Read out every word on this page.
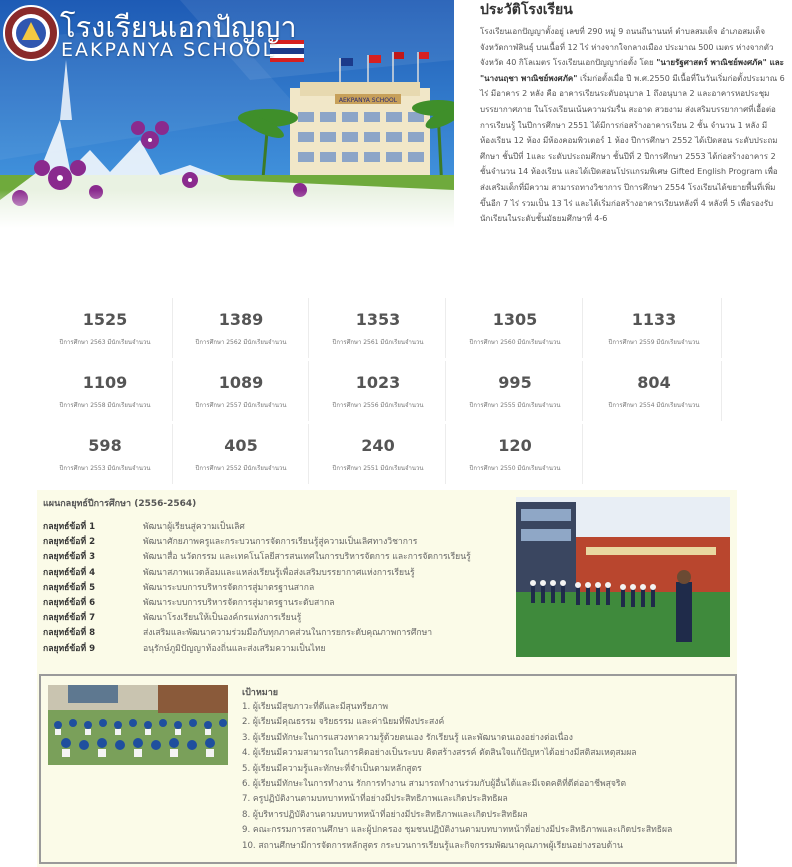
AEKPANYA SCHOOL
โรงเรียนเอกปัญญา
EAKPANYA SCHOOL
ประวัติโรงเรียน

โรงเรียนเอกปัญญาตั้งอยู่ เลขที่ 290 หมู่ 9 ถนนถีนานนท์ ตำบลสมเด็จ อำเภอสมเด็จ จังหวัดกาฬสินธุ์ บนเนื้อที่ 12 ไร่ ห่างจากใจกลางเมือง ประมาณ 500 เมตร ห่างจากตัวจังหวัด 40 กิโลเมตร โรงเรียนเอกปัญญาก่อตั้ง โดย "นายรัฐศาสตร์ พาณิชย์พงศภัค" และ "นางนฤชา พาณิชย์พงศภัค" เริ่มก่อตั้งเมื่อ ปี พ.ศ.2550 มีเนื้อที่ในวันเริ่มก่อตั้งประมาณ 6 ไร่ มีอาคาร 2 หลัง คือ อาคารเรียนระดับอนุบาล 1 ถึงอนุบาล 2 และอาคารหอประชุม บรรยากาศภาย ในโรงเรียนเน้นความร่มรื่น สะอาด สวยงาม ส่งเสริมบรรยากาศที่เอื้อต่อการเรียนรู้ ในปีการศึกษา 2551 ได้มีการก่อสร้างอาคารเรียน 2 ชั้น จำนวน 1 หลัง มีห้องเรียน 12 ห้อง มีห้องคอมพิวเตอร์ 1 ห้อง ปีการศึกษา 2552 ได้เปิดสอน ระดับประถมศึกษา ชั้นปีที่ 1และ ระดับประถมศึกษา ชั้นปีที่ 2 ปีการศึกษา 2553 ได้ก่อสร้างอาคาร 2 ชั้นจำนวน 14 ห้องเรียน และได้เปิดสอนโปรแกรมพิเศษ Gifted English Program เพื่อส่งเสริมเด็กที่มีความ สามารถทางวิชาการ ปีการศึกษา 2554 โรงเรียนได้ขยายพื้นที่เพิ่มขึ้นอีก 7 ไร่ รวมเป็น 13 ไร่ และได้เริ่มก่อสร้างอาคารเรียนหลังที่ 4 หลังที่ 5 เพื่อรองรับ นักเรียนในระดับชั้นมัธยมศึกษาที่ 4-6

1525
ปีการศึกษา 2563 มีนักเรียนจำนวน
1389
ปีการศึกษา 2562 มีนักเรียนจำนวน
1353
ปีการศึกษา 2561 มีนักเรียนจำนวน
1305
ปีการศึกษา 2560 มีนักเรียนจำนวน
1133
ปีการศึกษา 2559 มีนักเรียนจำนวน
1109
ปีการศึกษา 2558 มีนักเรียนจำนวน
1089
ปีการศึกษา 2557 มีนักเรียนจำนวน
1023
ปีการศึกษา 2556 มีนักเรียนจำนวน
995
ปีการศึกษา 2555 มีนักเรียนจำนวน
804
ปีการศึกษา 2554 มีนักเรียนจำนวน
598
ปีการศึกษา 2553 มีนักเรียนจำนวน
405
ปีการศึกษา 2552 มีนักเรียนจำนวน
240
ปีการศึกษา 2551 มีนักเรียนจำนวน
120
ปีการศึกษา 2550 มีนักเรียนจำนวน
แผนกลยุทธ์ปีการศึกษา (2556-2564)
กลยุทธ์ข้อที่ 1	พัฒนาผู้เรียนสู่ความเป็นเลิศ
กลยุทธ์ข้อที่ 2	พัฒนาศักยภาพครูและกระบวนการจัดการเรียนรู้สู่ความเป็นเลิศทางวิชาการ
กลยุทธ์ข้อที่ 3	พัฒนาสื่อ นวัตกรรม และเทคโนโลยีสารสนเทศในการบริหารจัดการ และการจัดการเรียนรู้
กลยุทธ์ข้อที่ 4	พัฒนาสภาพแวดล้อมและแหล่งเรียนรู้เพื่อส่งเสริมบรรยากาศแห่งการเรียนรู้
กลยุทธ์ข้อที่ 5	พัฒนาระบบการบริหารจัดการสู่มาตรฐานสากล
กลยุทธ์ข้อที่ 6	พัฒนาระบบการบริหารจัดการสู่มาตรฐานระดับสากล
กลยุทธ์ข้อที่ 7	พัฒนาโรงเรียนให้เป็นองค์กรแห่งการเรียนรู้
กลยุทธ์ข้อที่ 8	ส่งเสริมและพัฒนาความร่วมมือกับทุกภาคส่วนในการยกระดับคุณภาพการศึกษา
กลยุทธ์ข้อที่ 9	อนุรักษ์ภูมิปัญญาท้องถิ่นและส่งเสริมความเป็นไทย
เป้าหมาย
1. ผู้เรียนมีสุขภาวะที่ดีและมีสุนทรียภาพ
2. ผู้เรียนมีคุณธรรม จริยธรรม และค่านิยมที่พึงประสงค์
3. ผู้เรียนมีทักษะในการแสวงหาความรู้ด้วยตนเอง รักเรียนรู้ และพัฒนาตนเองอย่างต่อเนื่อง
4. ผู้เรียนมีความสามารถในการคิดอย่างเป็นระบบ คิดสร้างสรรค์ ตัดสินใจแก้ปัญหาได้อย่างมีสติสมเหตุสมผล
5. ผู้เรียนมีความรู้และทักษะที่จำเป็นตามหลักสูตร
6. ผู้เรียนมีทักษะในการทำงาน รักการทำงาน สามารถทำงานร่วมกับผู้อื่นได้และมีเจตคติที่ดีต่ออาชีพสุจริต
7. ครูปฏิบัติงานตามบทบาทหน้าที่อย่างมีประสิทธิภาพและเกิดประสิทธิผล
8. ผู้บริหารปฏิบัติงานตามบทบาทหน้าที่อย่างมีประสิทธิภาพและเกิดประสิทธิผล
9. คณะกรรมการสถานศึกษา และผู้ปกครอง ชุมชนปฏิบัติงานตามบทบาทหน้าที่อย่างมีประสิทธิภาพและเกิดประสิทธิผล
10. สถานศึกษามีการจัดการหลักสูตร กระบวนการเรียนรู้และกิจกรรมพัฒนาคุณภาพผู้เรียนอย่างรอบด้าน
